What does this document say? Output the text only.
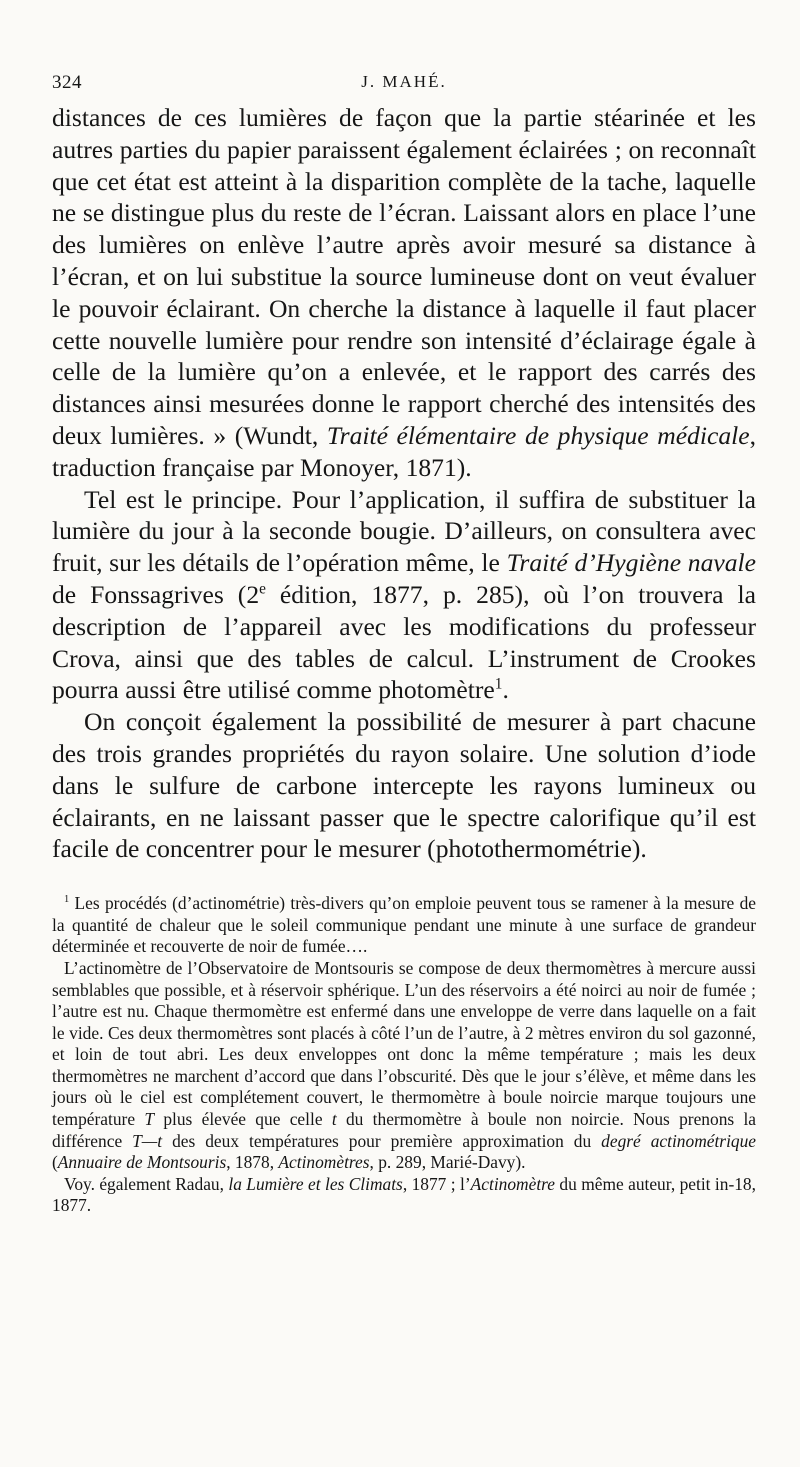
324	J. MAHÉ.

distances de ces lumières de façon que la partie stéarinée et les autres parties du papier paraissent également éclairées ; on reconnaît que cet état est atteint à la disparition complète de la tache, laquelle ne se distingue plus du reste de l’écran. Laissant alors en place l’une des lumières on enlève l’autre après avoir mesuré sa distance à l’écran, et on lui substitue la source lumineuse dont on veut évaluer le pouvoir éclairant. On cherche la distance à laquelle il faut placer cette nouvelle lumière pour rendre son intensité d’éclairage égale à celle de la lumière qu’on a enlevée, et le rapport des carrés des distances ainsi mesurées donne le rapport cherché des intensités des deux lumières. » (Wundt, Traité élémentaire de physique médicale, traduction française par Monoyer, 1871).

Tel est le principe. Pour l’application, il suffira de substituer la lumière du jour à la seconde bougie. D’ailleurs, on consultera avec fruit, sur les détails de l’opération même, le Traité d’Hygiène navale de Fonssagrives (2e édition, 1877, p. 285), où l’on trouvera la description de l’appareil avec les modifications du professeur Crova, ainsi que des tables de calcul. L’instrument de Crookes pourra aussi être utilisé comme photomètre$^1$.

On conçoit également la possibilité de mesurer à part chacune des trois grandes propriétés du rayon solaire. Une solution d’iode dans le sulfure de carbone intercepte les rayons lumineux ou éclairants, en ne laissant passer que le spectre calorifique qu’il est facile de concentrer pour le mesurer (photothermométrie).

$^1$ Les procédés (d’actinométrie) très-divers qu’on emploie peuvent tous se ramener à la mesure de la quantité de chaleur que le soleil communique pendant une minute à une surface de grandeur déterminée et recouverte de noir de fumée….

L’actinomètre de l’Observatoire de Montsouris se compose de deux thermomètres à mercure aussi semblables que possible, et à réservoir sphérique. L’un des réservoirs a été noirci au noir de fumée ; l’autre est nu. Chaque thermomètre est enfermé dans une enveloppe de verre dans laquelle on a fait le vide. Ces deux thermomètres sont placés à côté l’un de l’autre, à 2 mètres environ du sol gazonné, et loin de tout abri. Les deux enveloppes ont donc la même température ; mais les deux thermomètres ne marchent d’accord que dans l’obscurité. Dès que le jour s’élève, et même dans les jours où le ciel est complétement couvert, le thermomètre à boule noircie marque toujours une température T plus élevée que celle t du thermomètre à boule non noircie. Nous prenons la différence T—t des deux températures pour première approximation du degré actinométrique (Annuaire de Montsouris, 1878, Actinomètres, p. 289, Marié-Davy).

Voy. également Radau, la Lumière et les Climats, 1877 ; l’Actinomètre du même auteur, petit in-18, 1877.
